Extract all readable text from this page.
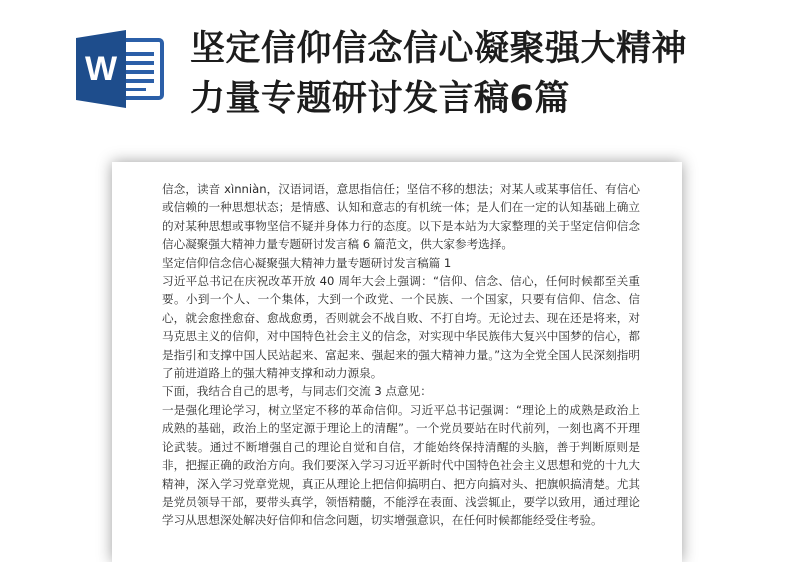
W 坚定信仰信念信心凝聚强大精神
力量专题研讨发言稿6篇

信念，读音 xìnniàn，汉语词语，意思指信任；坚信不移的想法；对某人或某事信任、有信心或信赖的一种思想状态；是情感、认知和意志的有机统一体；是人们在一定的认知基础上确立的对某种思想或事物坚信不疑并身体力行的态度。以下是本站为大家整理的关于坚定信仰信念信心凝聚强大精神力量专题研讨发言稿 6 篇范文，供大家参考选择。

坚定信仰信念信心凝聚强大精神力量专题研讨发言稿篇 1

习近平总书记在庆祝改革开放 40 周年大会上强调：“信仰、信念、信心，任何时候都至关重要。小到一个人、一个集体，大到一个政党、一个民族、一个国家，只要有信仰、信念、信心，就会愈挫愈奋、愈战愈勇，否则就会不战自败、不打自垮。无论过去、现在还是将来，对马克思主义的信仰，对中国特色社会主义的信念，对实现中华民族伟大复兴中国梦的信心，都是指引和支撑中国人民站起来、富起来、强起来的强大精神力量。”这为全党全国人民深刻指明了前进道路上的强大精神支撑和动力源泉。

下面，我结合自己的思考，与同志们交流 3 点意见：

一是强化理论学习，树立坚定不移的革命信仰。习近平总书记强调：“理论上的成熟是政治上成熟的基础，政治上的坚定源于理论上的清醒”。一个党员要站在时代前列，一刻也离不开理论武装。通过不断增强自己的理论自觉和自信，才能始终保持清醒的头脑，善于判断原则是非，把握正确的政治方向。我们要深入学习习近平新时代中国特色社会主义思想和党的十九大精神，深入学习党章党规，真正从理论上把信仰搞明白、把方向搞对头、把旗帜搞清楚。尤其是党员领导干部，要带头真学，领悟精髓，不能浮在表面、浅尝辄止，要学以致用，通过理论学习从思想深处解决好信仰和信念问题，切实增强意识，在任何时候都能经受住考验。
